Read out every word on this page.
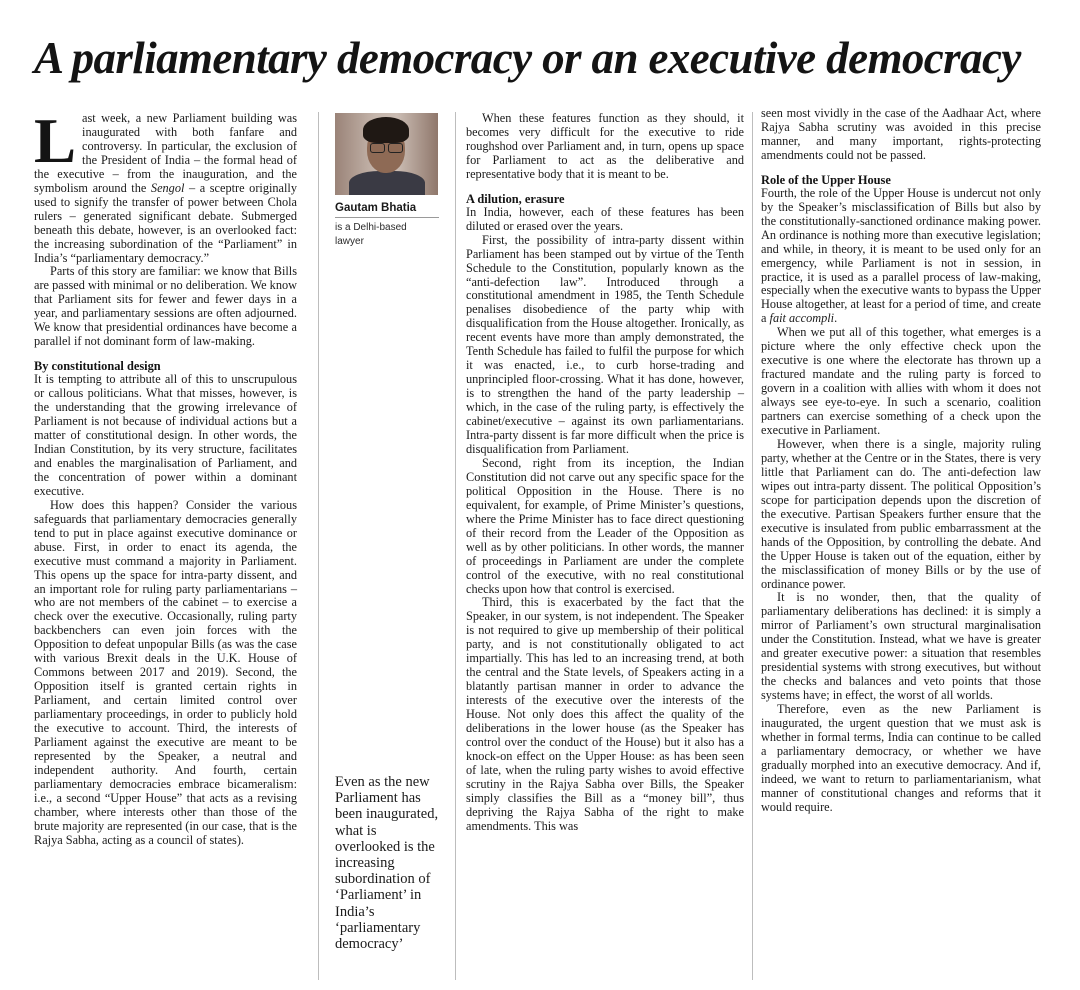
A parliamentary democracy or an executive democracy

Last week, a new Parliament building was inaugurated with both fanfare and controversy. In particular, the exclusion of the President of India – the formal head of the executive – from the inauguration, and the symbolism around the Sengol – a sceptre originally used to signify the transfer of power between Chola rulers – generated significant debate. Submerged beneath this debate, however, is an overlooked fact: the increasing subordination of the “Parliament” in India’s “parliamentary democracy.”

Parts of this story are familiar: we know that Bills are passed with minimal or no deliberation. We know that Parliament sits for fewer and fewer days in a year, and parliamentary sessions are often adjourned. We know that presidential ordinances have become a parallel if not dominant form of law-making.

By constitutional design

It is tempting to attribute all of this to unscrupulous or callous politicians. What that misses, however, is the understanding that the growing irrelevance of Parliament is not because of individual actions but a matter of constitutional design. In other words, the Indian Constitution, by its very structure, facilitates and enables the marginalisation of Parliament, and the concentration of power within a dominant executive.

How does this happen? Consider the various safeguards that parliamentary democracies generally tend to put in place against executive dominance or abuse. First, in order to enact its agenda, the executive must command a majority in Parliament. This opens up the space for intra-party dissent, and an important role for ruling party parliamentarians – who are not members of the cabinet – to exercise a check over the executive. Occasionally, ruling party backbenchers can even join forces with the Opposition to defeat unpopular Bills (as was the case with various Brexit deals in the U.K. House of Commons between 2017 and 2019). Second, the Opposition itself is granted certain rights in Parliament, and certain limited control over parliamentary proceedings, in order to publicly hold the executive to account. Third, the interests of Parliament against the executive are meant to be represented by the Speaker, a neutral and independent authority. And fourth, certain parliamentary democracies embrace bicameralism: i.e., a second “Upper House” that acts as a revising chamber, where interests other than those of the brute majority are represented (in our case, that is the Rajya Sabha, acting as a council of states).

Gautam Bhatia
is a Delhi-based lawyer
Even as the new Parliament has been inaugurated, what is overlooked is the increasing subordination of ‘Parliament’ in India’s ‘parliamentary democracy’

When these features function as they should, it becomes very difficult for the executive to ride roughshod over Parliament and, in turn, opens up space for Parliament to act as the deliberative and representative body that it is meant to be.

A dilution, erasure

In India, however, each of these features has been diluted or erased over the years.

First, the possibility of intra-party dissent within Parliament has been stamped out by virtue of the Tenth Schedule to the Constitution, popularly known as the “anti-defection law”. Introduced through a constitutional amendment in 1985, the Tenth Schedule penalises disobedience of the party whip with disqualification from the House altogether. Ironically, as recent events have more than amply demonstrated, the Tenth Schedule has failed to fulfil the purpose for which it was enacted, i.e., to curb horse-trading and unprincipled floor-crossing. What it has done, however, is to strengthen the hand of the party leadership – which, in the case of the ruling party, is effectively the cabinet/executive – against its own parliamentarians. Intra-party dissent is far more difficult when the price is disqualification from Parliament.

Second, right from its inception, the Indian Constitution did not carve out any specific space for the political Opposition in the House. There is no equivalent, for example, of Prime Minister’s questions, where the Prime Minister has to face direct questioning of their record from the Leader of the Opposition as well as by other politicians. In other words, the manner of proceedings in Parliament are under the complete control of the executive, with no real constitutional checks upon how that control is exercised.

Third, this is exacerbated by the fact that the Speaker, in our system, is not independent. The Speaker is not required to give up membership of their political party, and is not constitutionally obligated to act impartially. This has led to an increasing trend, at both the central and the State levels, of Speakers acting in a blatantly partisan manner in order to advance the interests of the executive over the interests of the House. Not only does this affect the quality of the deliberations in the lower house (as the Speaker has control over the conduct of the House) but it also has a knock-on effect on the Upper House: as has been seen of late, when the ruling party wishes to avoid effective scrutiny in the Rajya Sabha over Bills, the Speaker simply classifies the Bill as a “money bill”, thus depriving the Rajya Sabha of the right to make amendments. This was

seen most vividly in the case of the Aadhaar Act, where Rajya Sabha scrutiny was avoided in this precise manner, and many important, rights-protecting amendments could not be passed.

Role of the Upper House

Fourth, the role of the Upper House is undercut not only by the Speaker’s misclassification of Bills but also by the constitutionally-sanctioned ordinance making power. An ordinance is nothing more than executive legislation; and while, in theory, it is meant to be used only for an emergency, while Parliament is not in session, in practice, it is used as a parallel process of law-making, especially when the executive wants to bypass the Upper House altogether, at least for a period of time, and create a fait accompli.

When we put all of this together, what emerges is a picture where the only effective check upon the executive is one where the electorate has thrown up a fractured mandate and the ruling party is forced to govern in a coalition with allies with whom it does not always see eye-to-eye. In such a scenario, coalition partners can exercise something of a check upon the executive in Parliament.

However, when there is a single, majority ruling party, whether at the Centre or in the States, there is very little that Parliament can do. The anti-defection law wipes out intra-party dissent. The political Opposition’s scope for participation depends upon the discretion of the executive. Partisan Speakers further ensure that the executive is insulated from public embarrassment at the hands of the Opposition, by controlling the debate. And the Upper House is taken out of the equation, either by the misclassification of money Bills or by the use of ordinance power.

It is no wonder, then, that the quality of parliamentary deliberations has declined: it is simply a mirror of Parliament’s own structural marginalisation under the Constitution. Instead, what we have is greater and greater executive power: a situation that resembles presidential systems with strong executives, but without the checks and balances and veto points that those systems have; in effect, the worst of all worlds.

Therefore, even as the new Parliament is inaugurated, the urgent question that we must ask is whether in formal terms, India can continue to be called a parliamentary democracy, or whether we have gradually morphed into an executive democracy. And if, indeed, we want to return to parliamentarianism, what manner of constitutional changes and reforms that it would require.
